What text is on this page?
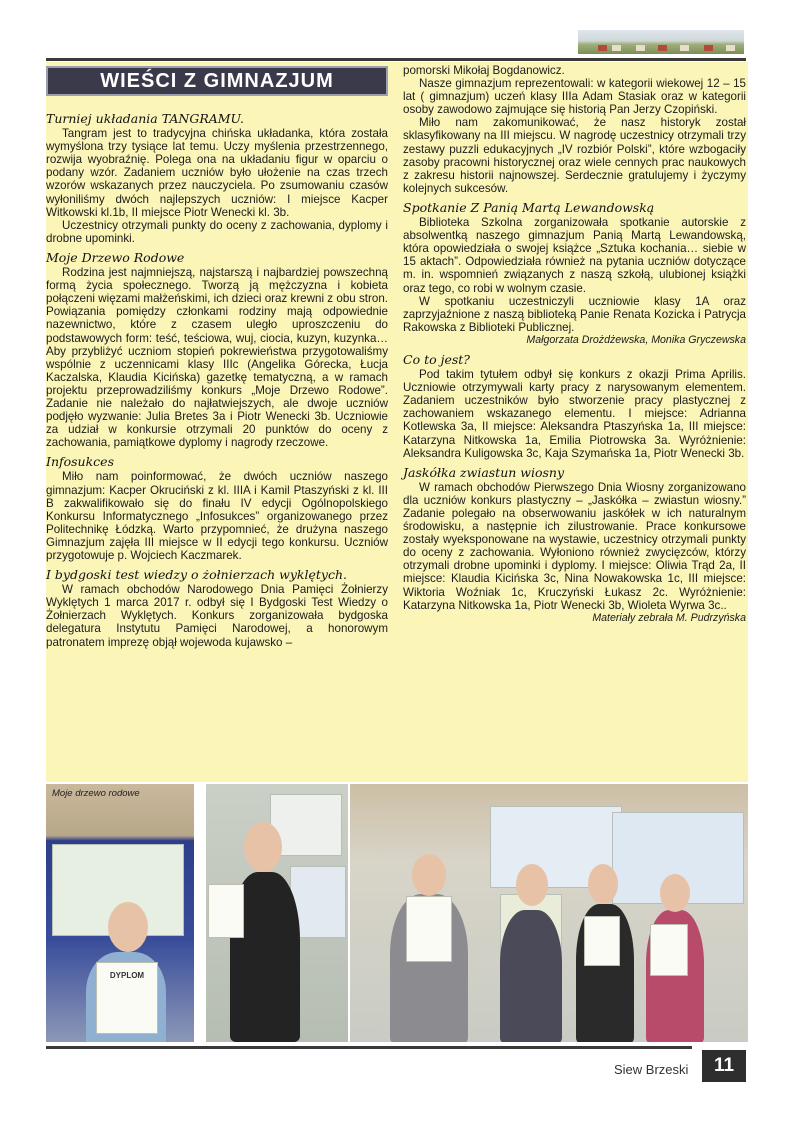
WIEŚCI Z GIMNAZJUM
Turniej układania TANGRAMU.

Tangram jest to tradycyjna chińska układanka, która została wymyślona trzy tysiące lat temu. Uczy myślenia przestrzennego, rozwija wyobraźnię. Polega ona na układaniu figur w oparciu o podany wzór. Zadaniem uczniów było ułożenie na czas trzech wzorów wskazanych przez nauczyciela. Po zsumowaniu czasów wyłoniliśmy dwóch najlepszych uczniów: I miejsce Kacper Witkowski kl.1b, II miejsce Piotr Wenecki kl. 3b.

Uczestnicy otrzymali punkty do oceny z zachowania, dyplomy i drobne upominki.

Moje Drzewo Rodowe

Rodzina jest najmniejszą, najstarszą i najbardziej powszechną formą życia społecznego. Tworzą ją mężczyzna i kobieta połączeni więzami małżeńskimi, ich dzieci oraz krewni z obu stron. Powiązania pomiędzy członkami rodziny mają odpowiednie nazewnictwo, które z czasem uległo uproszczeniu do podstawowych form: teść, teściowa, wuj, ciocia, kuzyn, kuzynka… Aby przybliżyć uczniom stopień pokrewieństwa przygotowaliśmy wspólnie z uczennicami klasy IIIc (Angelika Górecka, Łucja Kaczalska, Klaudia Kicińska) gazetkę tematyczną, a w ramach projektu przeprowadziliśmy konkurs „Moje Drzewo Rodowe”. Zadanie nie należało do najłatwiejszych, ale dwoje uczniów podjęło wyzwanie: Julia Bretes 3a i Piotr Wenecki 3b. Uczniowie za udział w konkursie otrzymali 20 punktów do oceny z zachowania, pamiątkowe dyplomy i nagrody rzeczowe.

Infosukces

Miło nam poinformować, że dwóch uczniów naszego gimnazjum: Kacper Okruciński z kl. IIIA i Kamil Ptaszyński z kl. III B zakwalifikowało się do finału IV edycji Ogólnopolskiego Konkursu Informatycznego „Infosukces” organizowanego przez Politechnikę Łódzką. Warto przypomnieć, że drużyna naszego Gimnazjum zajęła III miejsce w II edycji tego konkursu. Uczniów przygotowuje p. Wojciech Kaczmarek.

I bydgoski test wiedzy o żołnierzach wyklętych.

W ramach obchodów Narodowego Dnia Pamięci Żołnierzy Wyklętych 1 marca 2017 r. odbył się I Bydgoski Test Wiedzy o Żołnierzach Wyklętych. Konkurs zorganizowała bydgoska delegatura Instytutu Pamięci Narodowej, a honorowym patronatem imprezę objął wojewoda kujawsko –

pomorski Mikołaj Bogdanowicz.

Nasze gimnazjum reprezentowali: w kategorii wiekowej 12 – 15 lat ( gimnazjum) uczeń klasy IIIa Adam Stasiak oraz w kategorii osoby zawodowo zajmujące się historią Pan Jerzy Czopiński.

Miło nam zakomunikować, że nasz historyk został sklasyfikowany na III miejscu. W nagrodę uczestnicy otrzymali trzy zestawy puzzli edukacyjnych „IV rozbiór Polski”, które wzbogaciły zasoby pracowni historycznej oraz wiele cennych prac naukowych z zakresu historii najnowszej. Serdecznie gratulujemy i życzymy kolejnych sukcesów.

Spotkanie Z Panią Martą Lewandowską

Biblioteka Szkolna zorganizowała spotkanie autorskie z absolwentką naszego gimnazjum Panią Martą Lewandowską, która opowiedziała o swojej książce „Sztuka kochania… siebie w 15 aktach”. Odpowiedziała również na pytania uczniów dotyczące m. in. wspomnień związanych z naszą szkołą, ulubionej książki oraz tego, co robi w wolnym czasie.

W spotkaniu uczestniczyli uczniowie klasy 1A oraz zaprzyjaźnione z naszą biblioteką Panie Renata Kozicka i Patrycja Rakowska z Biblioteki Publicznej.

Małgorzata Drożdżewska, Monika Gryczewska

Co to jest?

Pod takim tytułem odbył się konkurs z okazji Prima Aprilis. Uczniowie otrzymywali karty pracy z narysowanym elementem. Zadaniem uczestników było stworzenie pracy plastycznej z zachowaniem wskazanego elementu. I miejsce: Adrianna Kotlewska 3a, II miejsce: Aleksandra Ptaszyńska 1a, III miejsce: Katarzyna Nitkowska 1a, Emilia Piotrowska 3a. Wyróżnienie: Aleksandra Kuligowska 3c, Kaja Szymańska 1a, Piotr Wenecki 3b.

Jaskółka zwiastun wiosny

W ramach obchodów Pierwszego Dnia Wiosny zorganizowano dla uczniów konkurs plastyczny – „Jaskółka – zwiastun wiosny.” Zadanie polegało na obserwowaniu jaskółek w ich naturalnym środowisku, a następnie ich zilustrowanie. Prace konkursowe zostały wyeksponowane na wystawie, uczestnicy otrzymali punkty do oceny z zachowania. Wyłoniono również zwycięzców, którzy otrzymali drobne upominki i dyplomy. I miejsce: Oliwia Trąd 2a, II miejsce: Klaudia Kicińska 3c, Nina Nowakowska 1c, III miejsce: Wiktoria Woźniak 1c, Kruczyński Łukasz 2c. Wyróżnienie: Katarzyna Nitkowska 1a, Piotr Wenecki 3b, Wioleta Wyrwa 3c..

Materiały zebrała M. Pudrzyńska

DYPLOM
Moje drzewo rodowe
Siew Brzeski	11
